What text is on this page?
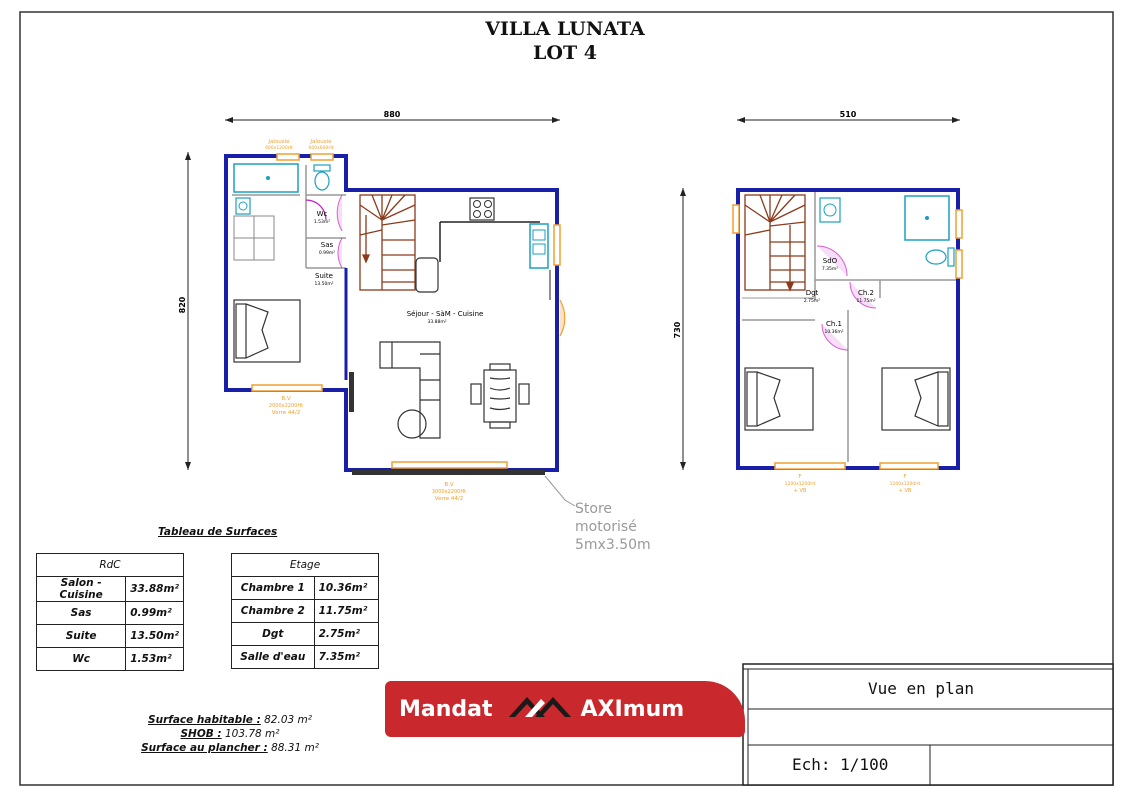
880
820
Jalousie
600x1200Ht
Jalousie
600x600Ht
Wc
1.53m²
Sas
0.99m²
Suite
13.50m²
Séjour - SàM - Cuisine
33.88m²
B.V
2000x2200Ht
Verre 44/2
B.V
3000x2200Ht
Verre 44/2
510
730
SdO
7.35m²
Dgt
2.75m²
Ch.2
11.75m²
Ch.1
10.36m²
F
1200x1200Ht
+ VB
F
1200x1200Ht
+ VB
VILLA LUNATA
LOT 4
Store
motorisé
5mx3.50m
Tableau de Surfaces
RdC	
Salon - Cuisine	33.88m²
Sas	0.99m²
Suite	13.50m²
Wc	1.53m²
Etage	
Chambre 1	10.36m²
Chambre 2	11.75m²
Dgt	2.75m²
Salle d'eau	7.35m²
Surface habitable : 82.03 m²
SHOB : 103.78 m²
Surface au plancher : 88.31 m²
Mandat	AXImum
Vue en plan
Ech: 1/100
